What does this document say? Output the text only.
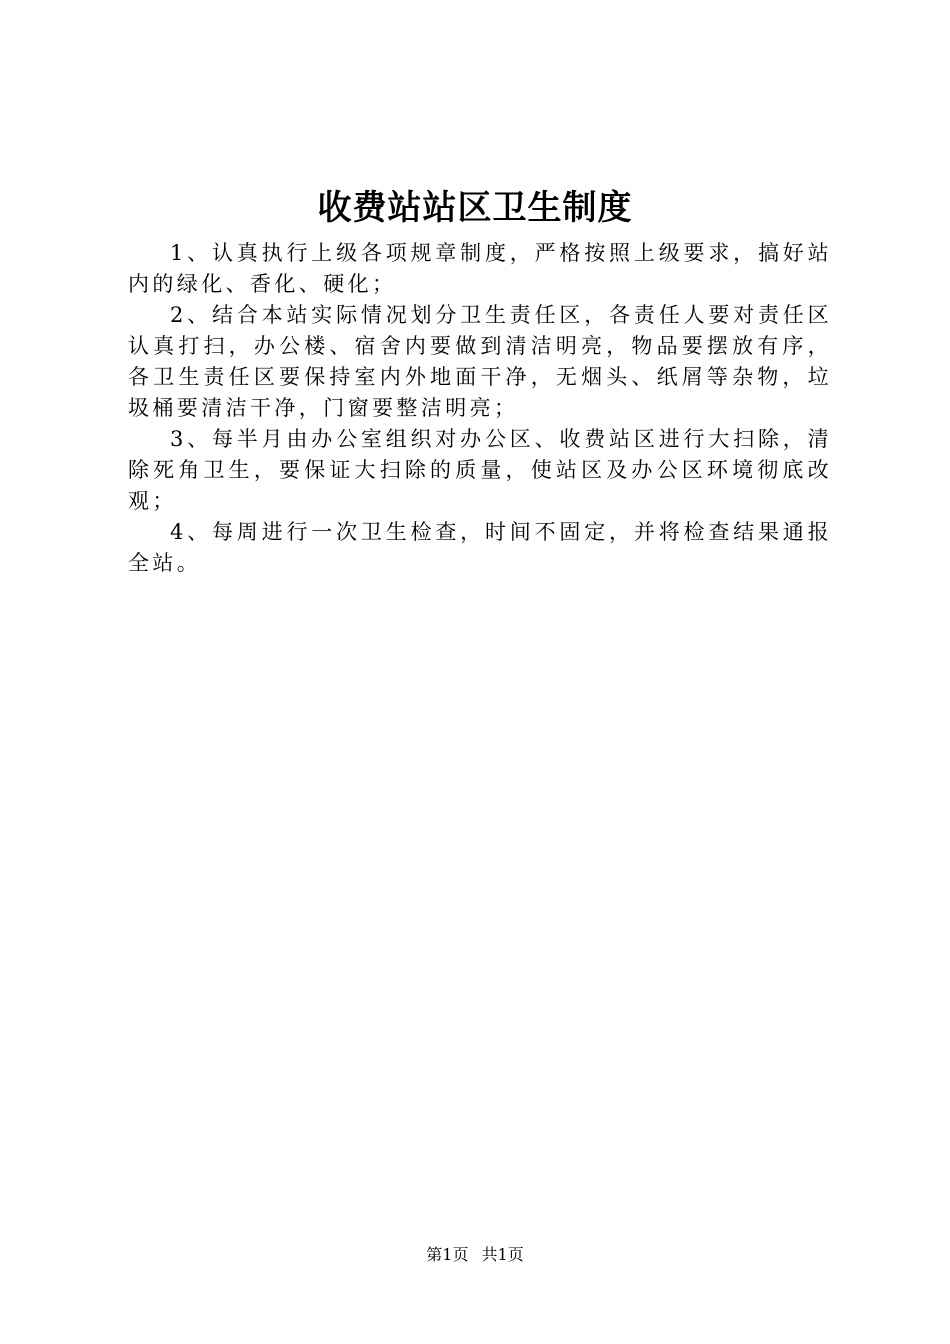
收费站站区卫生制度

1、认真执行上级各项规章制度，严格按照上级要求，搞好站内的绿化、香化、硬化；

2、结合本站实际情况划分卫生责任区，各责任人要对责任区认真打扫，办公楼、宿舍内要做到清洁明亮，物品要摆放有序，各卫生责任区要保持室内外地面干净，无烟头、纸屑等杂物，垃圾桶要清洁干净，门窗要整洁明亮；

3、每半月由办公室组织对办公区、收费站区进行大扫除，清除死角卫生，要保证大扫除的质量，使站区及办公区环境彻底改观；

4、每周进行一次卫生检查，时间不固定，并将检查结果通报全站。

第1页 共1页
